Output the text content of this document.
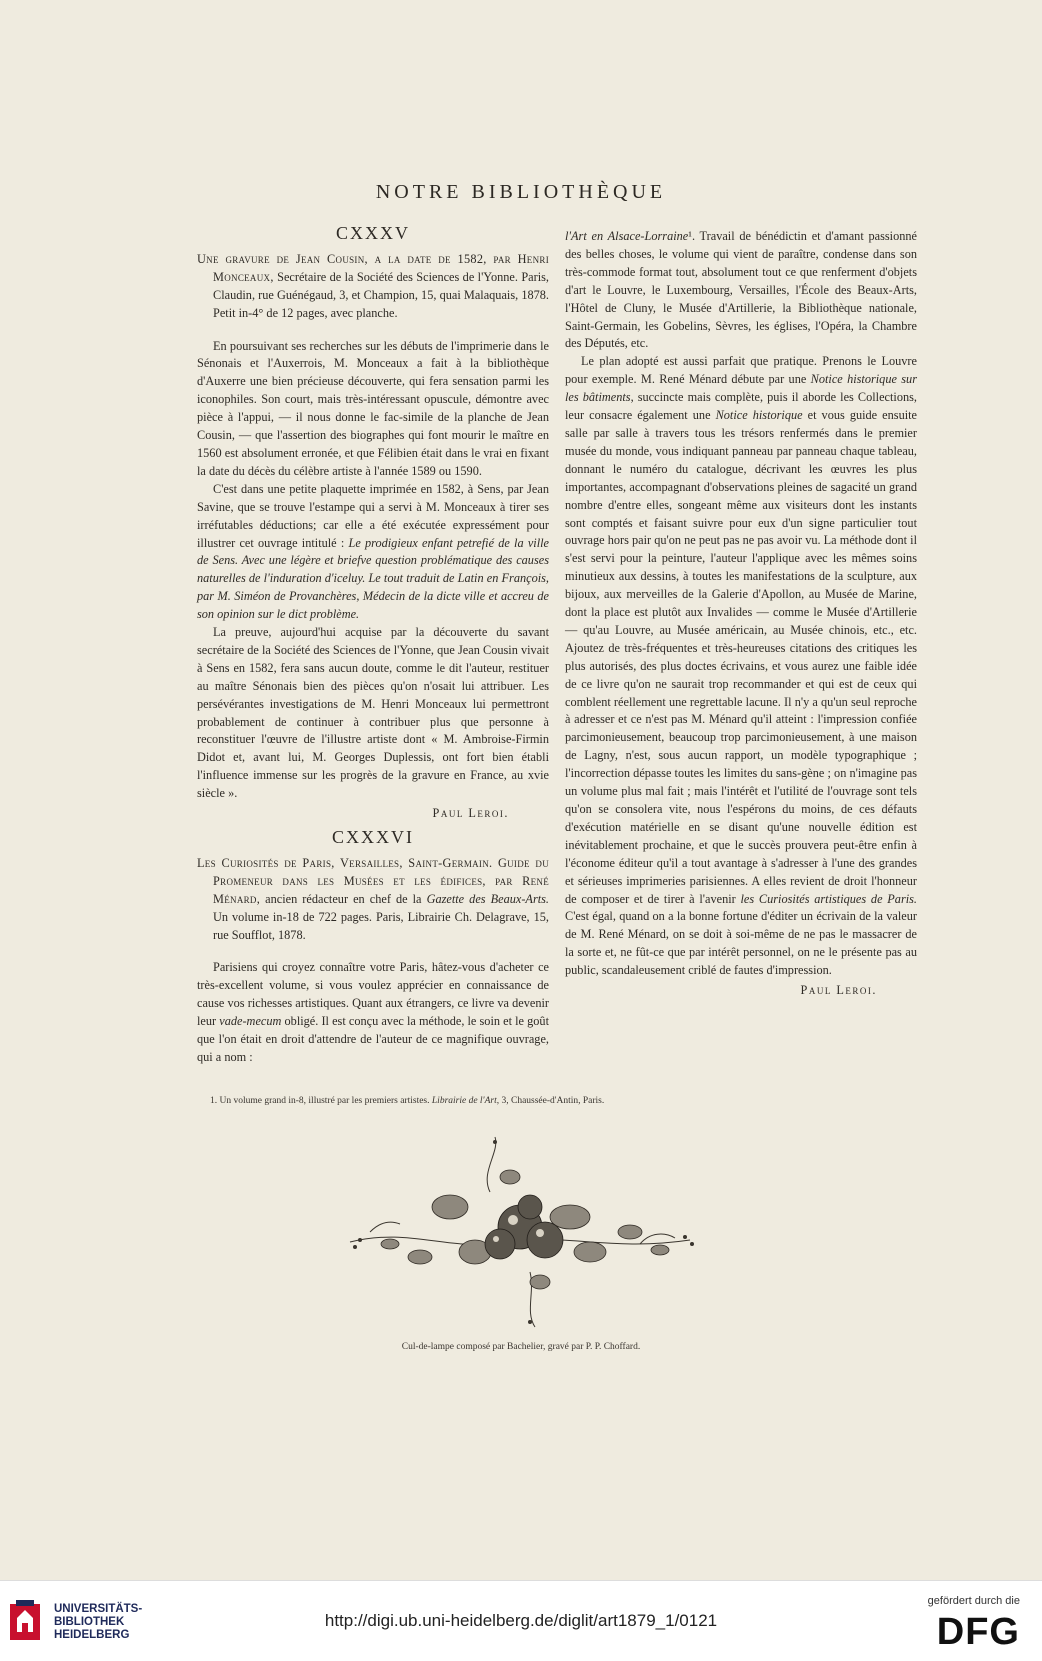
NOTRE BIBLIOTHÈQUE
CXXXV

Une gravure de Jean Cousin, a la date de 1582, par Henri Monceaux, Secrétaire de la Société des Sciences de l'Yonne. Paris, Claudin, rue Guénégaud, 3, et Champion, 15, quai Malaquais, 1878. Petit in-4° de 12 pages, avec planche.

En poursuivant ses recherches sur les débuts de l'imprimerie dans le Sénonais et l'Auxerrois, M. Monceaux a fait à la bibliothèque d'Auxerre une bien précieuse découverte, qui fera sensation parmi les iconophiles. Son court, mais très-intéressant opuscule, démontre avec pièce à l'appui, — il nous donne le fac-simile de la planche de Jean Cousin, — que l'assertion des biographes qui font mourir le maître en 1560 est absolument erronée, et que Félibien était dans le vrai en fixant la date du décès du célèbre artiste à l'année 1589 ou 1590.

C'est dans une petite plaquette imprimée en 1582, à Sens, par Jean Savine, que se trouve l'estampe qui a servi à M. Monceaux à tirer ses irréfutables déductions; car elle a été exécutée expressément pour illustrer cet ouvrage intitulé : Le prodigieux enfant petrefié de la ville de Sens. Avec une légère et briefve question problématique des causes naturelles de l'induration d'iceluy. Le tout traduit de Latin en François, par M. Siméon de Provanchères, Médecin de la dicte ville et accreu de son opinion sur le dict problème.

La preuve, aujourd'hui acquise par la découverte du savant secrétaire de la Société des Sciences de l'Yonne, que Jean Cousin vivait à Sens en 1582, fera sans aucun doute, comme le dit l'auteur, restituer au maître Sénonais bien des pièces qu'on n'osait lui attribuer. Les persévérantes investigations de M. Henri Monceaux lui permettront probablement de continuer à contribuer plus que personne à reconstituer l'œuvre de l'illustre artiste dont « M. Ambroise-Firmin Didot et, avant lui, M. Georges Duplessis, ont fort bien établi l'influence immense sur les progrès de la gravure en France, au xvie siècle ».

Paul Leroi.

CXXXVI

Les Curiosités de Paris, Versailles, Saint-Germain. Guide du Promeneur dans les Musées et les édifices, par René Ménard, ancien rédacteur en chef de la Gazette des Beaux-Arts. Un volume in-18 de 722 pages. Paris, Librairie Ch. Delagrave, 15, rue Soufflot, 1878.

Parisiens qui croyez connaître votre Paris, hâtez-vous d'acheter ce très-excellent volume, si vous voulez apprécier en connaissance de cause vos richesses artistiques. Quant aux étrangers, ce livre va devenir leur vade-mecum obligé. Il est conçu avec la méthode, le soin et le goût que l'on était en droit d'attendre de l'auteur de ce magnifique ouvrage, qui a nom :

l'Art en Alsace-Lorraine¹. Travail de bénédictin et d'amant passionné des belles choses, le volume qui vient de paraître, condense dans son très-commode format tout, absolument tout ce que renferment d'objets d'art le Louvre, le Luxembourg, Versailles, l'École des Beaux-Arts, l'Hôtel de Cluny, le Musée d'Artillerie, la Bibliothèque nationale, Saint-Germain, les Gobelins, Sèvres, les églises, l'Opéra, la Chambre des Députés, etc.

Le plan adopté est aussi parfait que pratique. Prenons le Louvre pour exemple. M. René Ménard débute par une Notice historique sur les bâtiments, succincte mais complète, puis il aborde les Collections, leur consacre également une Notice historique et vous guide ensuite salle par salle à travers tous les trésors renfermés dans le premier musée du monde, vous indiquant panneau par panneau chaque tableau, donnant le numéro du catalogue, décrivant les œuvres les plus importantes, accompagnant d'observations pleines de sagacité un grand nombre d'entre elles, songeant même aux visiteurs dont les instants sont comptés et faisant suivre pour eux d'un signe particulier tout ouvrage hors pair qu'on ne peut pas ne pas avoir vu. La méthode dont il s'est servi pour la peinture, l'auteur l'applique avec les mêmes soins minutieux aux dessins, à toutes les manifestations de la sculpture, aux bijoux, aux merveilles de la Galerie d'Apollon, au Musée de Marine, dont la place est plutôt aux Invalides — comme le Musée d'Artillerie — qu'au Louvre, au Musée américain, au Musée chinois, etc., etc. Ajoutez de très-fréquentes et très-heureuses citations des critiques les plus autorisés, des plus doctes écrivains, et vous aurez une faible idée de ce livre qu'on ne saurait trop recommander et qui est de ceux qui comblent réellement une regrettable lacune. Il n'y a qu'un seul reproche à adresser et ce n'est pas M. Ménard qu'il atteint : l'impression confiée parcimonieusement, beaucoup trop parcimonieusement, à une maison de Lagny, n'est, sous aucun rapport, un modèle typographique ; l'incorrection dépasse toutes les limites du sans-gène ; on n'imagine pas un volume plus mal fait ; mais l'intérêt et l'utilité de l'ouvrage sont tels qu'on se consolera vite, nous l'espérons du moins, de ces défauts d'exécution matérielle en se disant qu'une nouvelle édition est inévitablement prochaine, et que le succès prouvera peut-être enfin à l'économe éditeur qu'il a tout avantage à s'adresser à l'une des grandes et sérieuses imprimeries parisiennes. A elles revient de droit l'honneur de composer et de tirer à l'avenir les Curiosités artistiques de Paris. C'est égal, quand on a la bonne fortune d'éditer un écrivain de la valeur de M. René Ménard, on se doit à soi-même de ne pas le massacrer de la sorte et, ne fût-ce que par intérêt personnel, on ne le présente pas au public, scandaleusement criblé de fautes d'impression.

Paul Leroi.

1. Un volume grand in-8, illustré par les premiers artistes. Librairie de l'Art, 3, Chaussée-d'Antin, Paris.
Cul-de-lampe composé par Bachelier, gravé par P. P. Choffard.
UNIVERSITÄTS-
BIBLIOTHEK
HEIDELBERG
http://digi.ub.uni-heidelberg.de/diglit/art1879_1/0121
gefördert durch die
DFG
